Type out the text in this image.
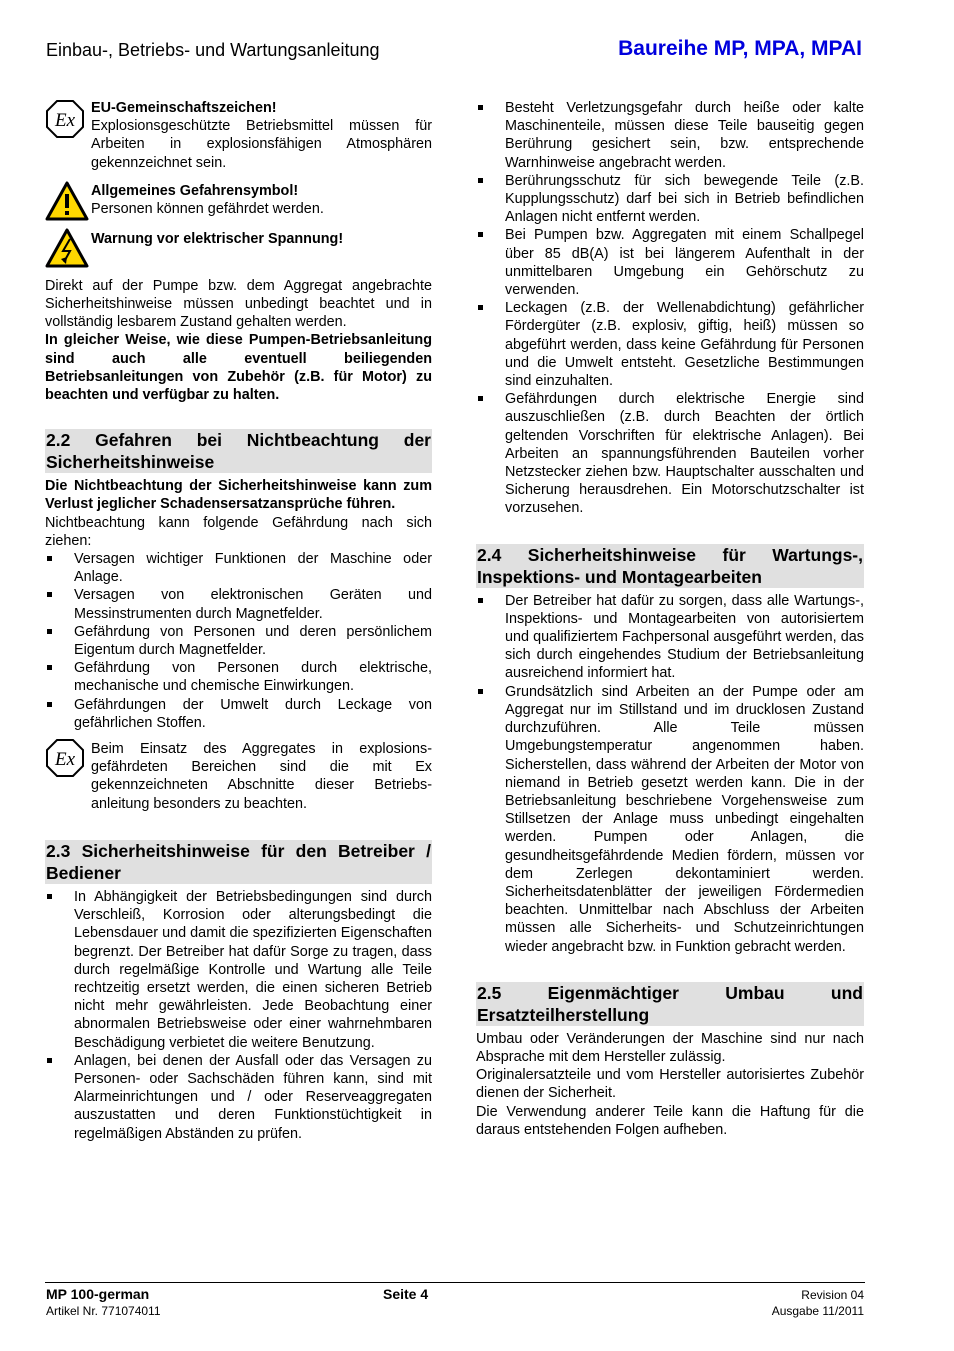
Einbau-, Betriebs- und Wartungsanleitung	Baureihe MP, MPA, MPAI
Ex
EU-Gemeinschaftszeichen!

Explosionsgeschützte Betriebsmittel müssen für Arbeiten in explosionsfähigen Atmosphären gekennzeichnet sein.

Allgemeines Gefahrensymbol!

Personen können gefährdet werden.

Warnung vor elektrischer Spannung!

Direkt auf der Pumpe bzw. dem Aggregat angebrachte Sicherheitshinweise müssen unbedingt beachtet und in vollständig lesbarem Zustand gehalten werden.

In gleicher Weise, wie diese Pumpen-Betriebsanleitung sind auch alle eventuell beiliegenden Betriebsanleitungen von Zubehör (z.B. für Motor) zu beachten und verfügbar zu halten.

2.2 Gefahren bei Nichtbeachtung der Sicherheitshinweise

Die Nichtbeachtung der Sicherheitshinweise kann zum Verlust jeglicher Schadensersatzansprüche führen.

Nichtbeachtung kann folgende Gefährdung nach sich ziehen:

Versagen wichtiger Funktionen der Maschine oder Anlage.
Versagen von elektronischen Geräten und Messinstrumenten durch Magnetfelder.
Gefährdung von Personen und deren persönlichem Eigentum durch Magnetfelder.
Gefährdung von Personen durch elektrische, mechanische und chemische Einwirkungen.
Gefährdungen der Umwelt durch Leckage von gefährlichen Stoffen.
Ex Beim Einsatz des Aggregates in explosions-gefährdeten Bereichen sind die mit Ex gekennzeichneten Abschnitte dieser Betriebs-anleitung besonders zu beachten.

2.3 Sicherheitshinweise für den Betreiber / Bediener
In Abhängigkeit der Betriebsbedingungen sind durch Verschleiß, Korrosion oder alterungsbedingt die Lebensdauer und damit die spezifizierten Eigenschaften begrenzt. Der Betreiber hat dafür Sorge zu tragen, dass durch regelmäßige Kontrolle und Wartung alle Teile rechtzeitig ersetzt werden, die einen sicheren Betrieb nicht mehr gewährleisten. Jede Beobachtung einer abnormalen Betriebsweise oder einer wahrnehmbaren Beschädigung verbietet die weitere Benutzung.
Anlagen, bei denen der Ausfall oder das Versagen zu Personen- oder Sachschäden führen kann, sind mit Alarmeinrichtungen und / oder Reserveaggregaten auszustatten und deren Funktionstüchtigkeit in regelmäßigen Abständen zu prüfen.
Besteht Verletzungsgefahr durch heiße oder kalte Maschinenteile, müssen diese Teile bauseitig gegen Berührung gesichert sein, bzw. entsprechende Warnhinweise angebracht werden.
Berührungsschutz für sich bewegende Teile (z.B. Kupplungsschutz) darf bei sich in Betrieb befindlichen Anlagen nicht entfernt werden.
Bei Pumpen bzw. Aggregaten mit einem Schallpegel über 85 dB(A) ist bei längerem Aufenthalt in der unmittelbaren Umgebung ein Gehörschutz zu verwenden.
Leckagen (z.B. der Wellenabdichtung) gefährlicher Fördergüter (z.B. explosiv, giftig, heiß) müssen so abgeführt werden, dass keine Gefährdung für Personen und die Umwelt entsteht. Gesetzliche Bestimmungen sind einzuhalten.
Gefährdungen durch elektrische Energie sind auszuschließen (z.B. durch Beachten der örtlich geltenden Vorschriften für elektrische Anlagen). Bei Arbeiten an spannungsführenden Bauteilen vorher Netzstecker ziehen bzw. Hauptschalter ausschalten und Sicherung herausdrehen. Ein Motorschutzschalter ist vorzusehen.
2.4 Sicherheitshinweise für Wartungs-, Inspektions- und Montagearbeiten
Der Betreiber hat dafür zu sorgen, dass alle Wartungs-, Inspektions- und Montagearbeiten von autorisiertem und qualifiziertem Fachpersonal ausgeführt werden, das sich durch eingehendes Studium der Betriebsanleitung ausreichend informiert hat.
Grundsätzlich sind Arbeiten an der Pumpe oder am Aggregat nur im Stillstand und im drucklosen Zustand durchzuführen. Alle Teile müssen Umgebungstemperatur angenommen haben. Sicherstellen, dass während der Arbeiten der Motor von niemand in Betrieb gesetzt werden kann. Die in der Betriebsanleitung beschriebene Vorgehensweise zum Stillsetzen der Anlage muss unbedingt eingehalten werden. Pumpen oder Anlagen, die gesundheitsgefährdende Medien fördern, müssen vor dem Zerlegen dekontaminiert werden. Sicherheitsdatenblätter der jeweiligen Fördermedien beachten. Unmittelbar nach Abschluss der Arbeiten müssen alle Sicherheits- und Schutzeinrichtungen wieder angebracht bzw. in Funktion gebracht werden.
2.5 Eigenmächtiger Umbau und Ersatzteilherstellung

Umbau oder Veränderungen der Maschine sind nur nach Absprache mit dem Hersteller zulässig.

Originalersatzteile und vom Hersteller autorisiertes Zubehör dienen der Sicherheit.

Die Verwendung anderer Teile kann die Haftung für die daraus entstehenden Folgen aufheben.

MP 100-german
Artikel Nr. 771074011
Seite 4	Revision 04
Ausgabe 11/2011
